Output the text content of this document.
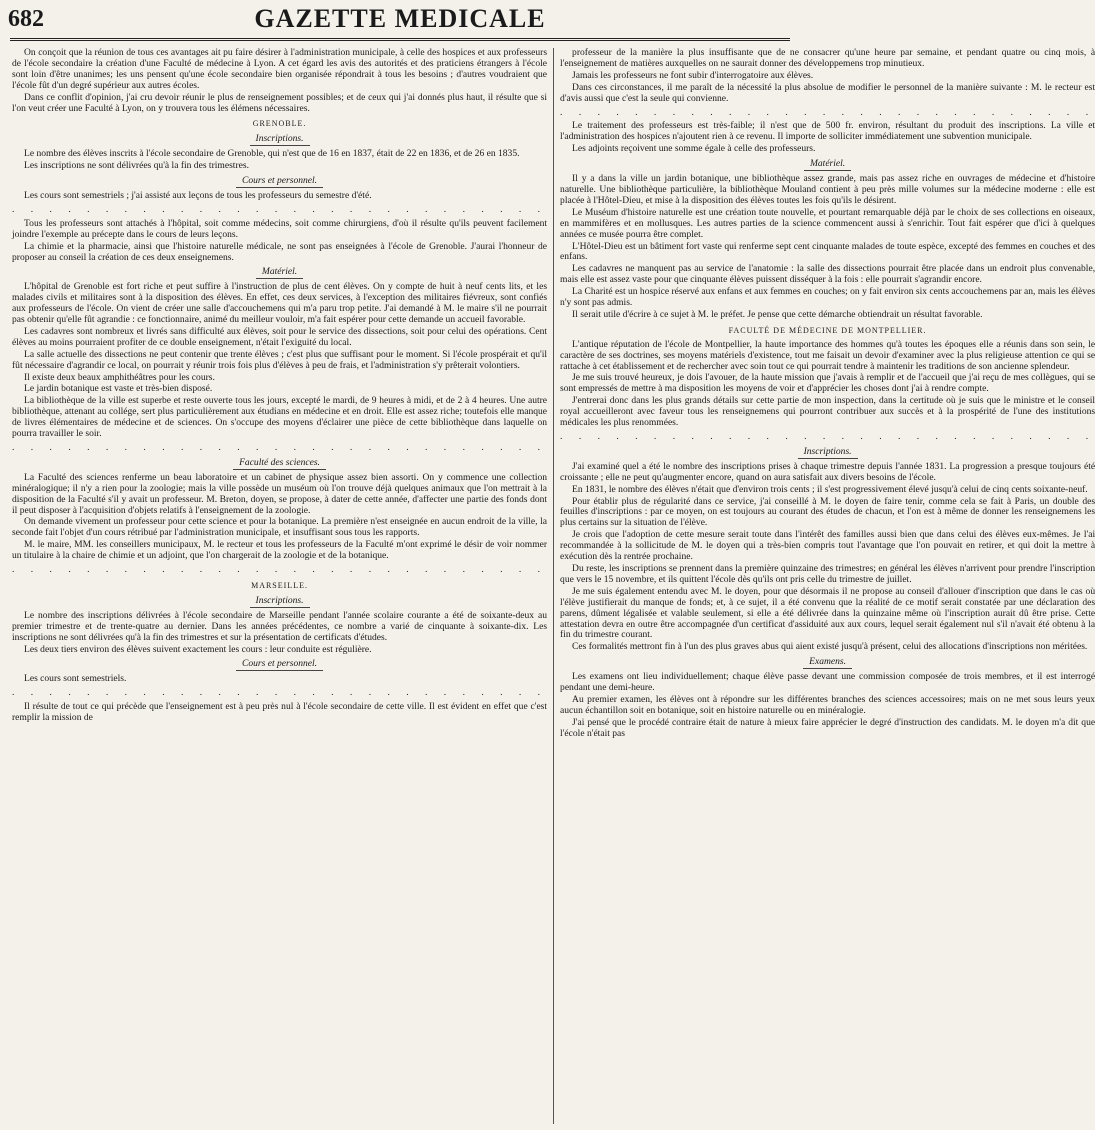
682	GAZETTE MEDICALE

On conçoit que la réunion de tous ces avantages ait pu faire désirer à l'administration municipale, à celle des hospices et aux professeurs de l'école secondaire la création d'une Faculté de médecine à Lyon. A cet égard les avis des autorités et des praticiens étrangers à l'école sont loin d'être unanimes; les uns pensent qu'une école secondaire bien organisée répondrait à tous les besoins ; d'autres voudraient que l'école fût d'un degré supérieur aux autres écoles.

Dans ce conflit d'opinion, j'ai cru devoir réunir le plus de renseignement possibles; et de ceux qui j'ai donnés plus haut, il résulte que si l'on veut créer une Faculté à Lyon, on y trouvera tous les élémens nécessaires.

GRENOBLE.
Inscriptions.

Le nombre des élèves inscrits à l'école secondaire de Grenoble, qui n'est que de 16 en 1837, était de 22 en 1836, et de 26 en 1835.

Les inscriptions ne sont délivrées qu'à la fin des trimestres.

Cours et personnel.

Les cours sont semestriels ; j'ai assisté aux leçons de tous les professeurs du semestre d'été.

. . . . . . . . . . . . . . . . . . . . . . . . . . . . .

Tous les professeurs sont attachés à l'hôpital, soit comme médecins, soit comme chirurgiens, d'où il résulte qu'ils peuvent facilement joindre l'exemple au précepte dans le cours de leurs leçons.

La chimie et la pharmacie, ainsi que l'histoire naturelle médicale, ne sont pas enseignées à l'école de Grenoble. J'aurai l'honneur de proposer au conseil la création de ces deux enseignemens.

Matériel.

L'hôpital de Grenoble est fort riche et peut suffire à l'instruction de plus de cent élèves. On y compte de huit à neuf cents lits, et les malades civils et militaires sont à la disposition des élèves. En effet, ces deux services, à l'exception des militaires fiévreux, sont confiés aux professeurs de l'école. On vient de créer une salle d'accouchemens qui m'a paru trop petite. J'ai demandé à M. le maire s'il ne pourrait pas obtenir qu'elle fût agrandie : ce fonctionnaire, animé du meilleur vouloir, m'a fait espérer pour cette demande un accueil favorable.

Les cadavres sont nombreux et livrés sans difficulté aux élèves, soit pour le service des dissections, soit pour celui des opérations. Cent élèves au moins pourraient profiter de ce double enseignement, n'était l'exiguité du local.

La salle actuelle des dissections ne peut contenir que trente élèves ; c'est plus que suffisant pour le moment. Si l'école prospérait et qu'il fût nécessaire d'agrandir ce local, on pourrait y réunir trois fois plus d'élèves à peu de frais, et l'administration s'y prêterait volontiers.

Il existe deux beaux amphithéâtres pour les cours.

Le jardin botanique est vaste et très-bien disposé.

La bibliothèque de la ville est superbe et reste ouverte tous les jours, excepté le mardi, de 9 heures à midi, et de 2 à 4 heures. Une autre bibliothèque, attenant au collége, sert plus particulièrement aux étudians en médecine et en droit. Elle est assez riche; toutefois elle manque de livres élémentaires de médecine et de sciences. On s'occupe des moyens d'éclairer une pièce de cette bibliothèque dans laquelle on pourra travailler le soir.

. . . . . . . . . . . . . . . . . . . . . . . . . . . . .
Faculté des sciences.

La Faculté des sciences renferme un beau laboratoire et un cabinet de physique assez bien assorti. On y commence une collection minéralogique; il n'y a rien pour la zoologie; mais la ville possède un muséum où l'on trouve déjà quelques animaux que l'on mettrait à la disposition de la Faculté s'il y avait un professeur. M. Breton, doyen, se propose, à dater de cette année, d'affecter une partie des fonds dont il peut disposer à l'acquisition d'objets relatifs à l'enseignement de la zoologie.

On demande vivement un professeur pour cette science et pour la botanique. La première n'est enseignée en aucun endroit de la ville, la seconde fait l'objet d'un cours rétribué par l'administration municipale, et insuffisant sous tous les rapports.

M. le maire, MM. les conseillers municipaux, M. le recteur et tous les professeurs de la Faculté m'ont exprimé le désir de voir nommer un titulaire à la chaire de chimie et un adjoint, que l'on chargerait de la zoologie et de la botanique.

. . . . . . . . . . . . . . . . . . . . . . . . . . . . .
MARSEILLE.
Inscriptions.

Le nombre des inscriptions délivrées à l'école secondaire de Marseille pendant l'année scolaire courante a été de soixante-deux au premier trimestre et de trente-quatre au dernier. Dans les années précédentes, ce nombre a varié de cinquante à soixante-dix. Les inscriptions ne sont délivrées qu'à la fin des trimestres et sur la présentation de certificats d'études.

Les deux tiers environ des élèves suivent exactement les cours : leur conduite est régulière.

Cours et personnel.

Les cours sont semestriels.

. . . . . . . . . . . . . . . . . . . . . . . . . . . . .

Il résulte de tout ce qui précède que l'enseignement est à peu près nul à l'école secondaire de cette ville. Il est évident en effet que c'est remplir la mission de

professeur de la manière la plus insuffisante que de ne consacrer qu'une heure par semaine, et pendant quatre ou cinq mois, à l'enseignement de matières auxquelles on ne saurait donner des développemens trop minutieux.

Jamais les professeurs ne font subir d'interrogatoire aux élèves.

Dans ces circonstances, il me paraît de la nécessité la plus absolue de modifier le personnel de la manière suivante : M. le recteur est d'avis aussi que c'est la seule qui convienne.

. . . . . . . . . . . . . . . . . . . . . . . . . . . . .

Le traitement des professeurs est très-faible; il n'est que de 500 fr. environ, résultant du produit des inscriptions. La ville et l'administration des hospices n'ajoutent rien à ce revenu. Il importe de solliciter immédiatement une subvention municipale.

Les adjoints reçoivent une somme égale à celle des professeurs.

Matériel.

Il y a dans la ville un jardin botanique, une bibliothèque assez grande, mais pas assez riche en ouvrages de médecine et d'histoire naturelle. Une bibliothèque particulière, la bibliothèque Mouland contient à peu près mille volumes sur la médecine moderne : elle est placée à l'Hôtel-Dieu, et mise à la disposition des élèves toutes les fois qu'ils le désirent.

Le Muséum d'histoire naturelle est une création toute nouvelle, et pourtant remarquable déjà par le choix de ses collections en oiseaux, en mammifères et en mollusques. Les autres parties de la science commencent aussi à s'enrichir. Tout fait espérer que d'ici à quelques années ce musée pourra être complet.

L'Hôtel-Dieu est un bâtiment fort vaste qui renferme sept cent cinquante malades de toute espèce, excepté des femmes en couches et des enfans.

Les cadavres ne manquent pas au service de l'anatomie : la salle des dissections pourrait être placée dans un endroit plus convenable, mais elle est assez vaste pour que cinquante élèves puissent disséquer à la fois : elle pourrait s'agrandir encore.

La Charité est un hospice réservé aux enfans et aux femmes en couches; on y fait environ six cents accouchemens par an, mais les élèves n'y sont pas admis.

Il serait utile d'écrire à ce sujet à M. le préfet. Je pense que cette démarche obtiendrait un résultat favorable.

FACULTÉ DE MÉDECINE DE MONTPELLIER.

L'antique réputation de l'école de Montpellier, la haute importance des hommes qu'à toutes les époques elle a réunis dans son sein, le caractère de ses doctrines, ses moyens matériels d'existence, tout me faisait un devoir d'examiner avec la plus religieuse attention ce qui se rattache à cet établissement et de rechercher avec soin tout ce qui pourrait tendre à maintenir les traditions de son ancienne splendeur.

Je me suis trouvé heureux, je dois l'avouer, de la haute mission que j'avais à remplir et de l'accueil que j'ai reçu de mes collègues, qui se sont empressés de mettre à ma disposition les moyens de voir et d'apprécier les choses dont j'ai à rendre compte.

J'entrerai donc dans les plus grands détails sur cette partie de mon inspection, dans la certitude où je suis que le ministre et le conseil royal accueilleront avec faveur tous les renseignemens qui pourront contribuer aux succès et à la prospérité de l'une des institutions médicales les plus renommées.

. . . . . . . . . . . . . . . . . . . . . . . . . . . . .
Inscriptions.

J'ai examiné quel a été le nombre des inscriptions prises à chaque trimestre depuis l'année 1831. La progression a presque toujours été croissante ; elle ne peut qu'augmenter encore, quand on aura satisfait aux divers besoins de l'école.

En 1831, le nombre des élèves n'était que d'environ trois cents ; il s'est progressivement élevé jusqu'à celui de cinq cents soixante-neuf.

Pour établir plus de régularité dans ce service, j'ai conseillé à M. le doyen de faire tenir, comme cela se fait à Paris, un double des feuilles d'inscriptions : par ce moyen, on est toujours au courant des études de chacun, et l'on est à même de donner les renseignemens les plus certains sur la situation de l'élève.

Je crois que l'adoption de cette mesure serait toute dans l'intérêt des familles aussi bien que dans celui des élèves eux-mêmes. Je l'ai recommandée à la sollicitude de M. le doyen qui a très-bien compris tout l'avantage que l'on pouvait en retirer, et qui doit la mettre à exécution dès la rentrée prochaine.

Du reste, les inscriptions se prennent dans la première quinzaine des trimestres; en général les élèves n'arrivent pour prendre l'inscription que vers le 15 novembre, et ils quittent l'école dès qu'ils ont pris celle du trimestre de juillet.

Je me suis également entendu avec M. le doyen, pour que désormais il ne propose au conseil d'allouer d'inscription que dans le cas où l'élève justifierait du manque de fonds; et, à ce sujet, il a été convenu que la réalité de ce motif serait constatée par une déclaration des parens, dûment légalisée et valable seulement, si elle a été délivrée dans la quinzaine même où l'inscription aurait dû être prise. Cette attestation devra en outre être accompagnée d'un certificat d'assiduité aux aux cours, lequel serait également nul s'il n'avait été obtenu à la fin du trimestre courant.

Ces formalités mettront fin à l'un des plus graves abus qui aient existé jusqu'à présent, celui des allocations d'inscriptions non méritées.

Examens.

Les examens ont lieu individuellement; chaque élève passe devant une commission composée de trois membres, et il est interrogé pendant une demi-heure.

Au premier examen, les élèves ont à répondre sur les différentes branches des sciences accessoires; mais on ne met sous leurs yeux aucun échantillon soit en botanique, soit en histoire naturelle ou en minéralogie.

J'ai pensé que le procédé contraire était de nature à mieux faire apprécier le degré d'instruction des candidats. M. le doyen m'a dit que l'école n'était pas
